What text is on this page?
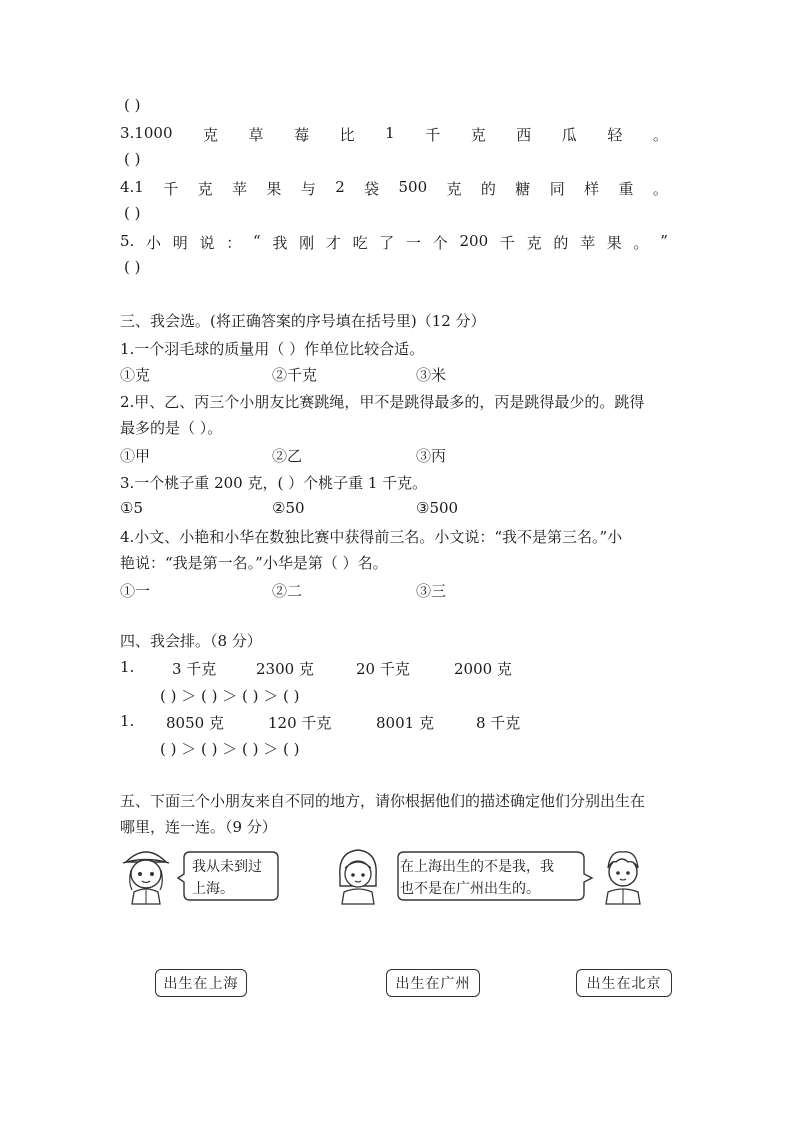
( )
3.1000 克 草 莓 比 1 千 克 西 瓜 轻 。
( )
4.1 千 克 苹 果 与 2 袋 500 克 的 糖 同 样 重 。
( )
5. 小 明 说 ： “ 我 刚 才 吃 了 一 个 200 千 克 的 苹 果 。 ”
( )
三、我会选。(将正确答案的序号填在括号里)（12 分）
1.一个羽毛球的质量用（ ）作单位比较合适。
①克	②千克	③米
2.甲、乙、丙三个小朋友比赛跳绳，甲不是跳得最多的，丙是跳得最少的。跳得
最多的是（ ）。
①甲	②乙	③丙
3.一个桃子重 200 克，( ）个桃子重 1 千克。
①5	②50	③500
4.小文、小艳和小华在数独比赛中获得前三名。小文说：“我不是第三名。”小
艳说：“我是第一名。”小华是第（ ）名。
①一	②二	③三
四、我会排。（8 分）
1.	3 千克	2300 克	20 千克	2000 克
( ) ＞ ( ) ＞ ( ) ＞ ( )
1. 8050 克	120 千克	8001 克	8 千克
( ) ＞ ( ) ＞ ( ) ＞ ( )
五、下面三个小朋友来自不同的地方，请你根据他们的描述确定他们分别出生在
哪里，连一连。（9 分）
我从未到过
上海。
在上海出生的不是我，我
也不是在广州出生的。
出生在上海	出生在广州	出生在北京
